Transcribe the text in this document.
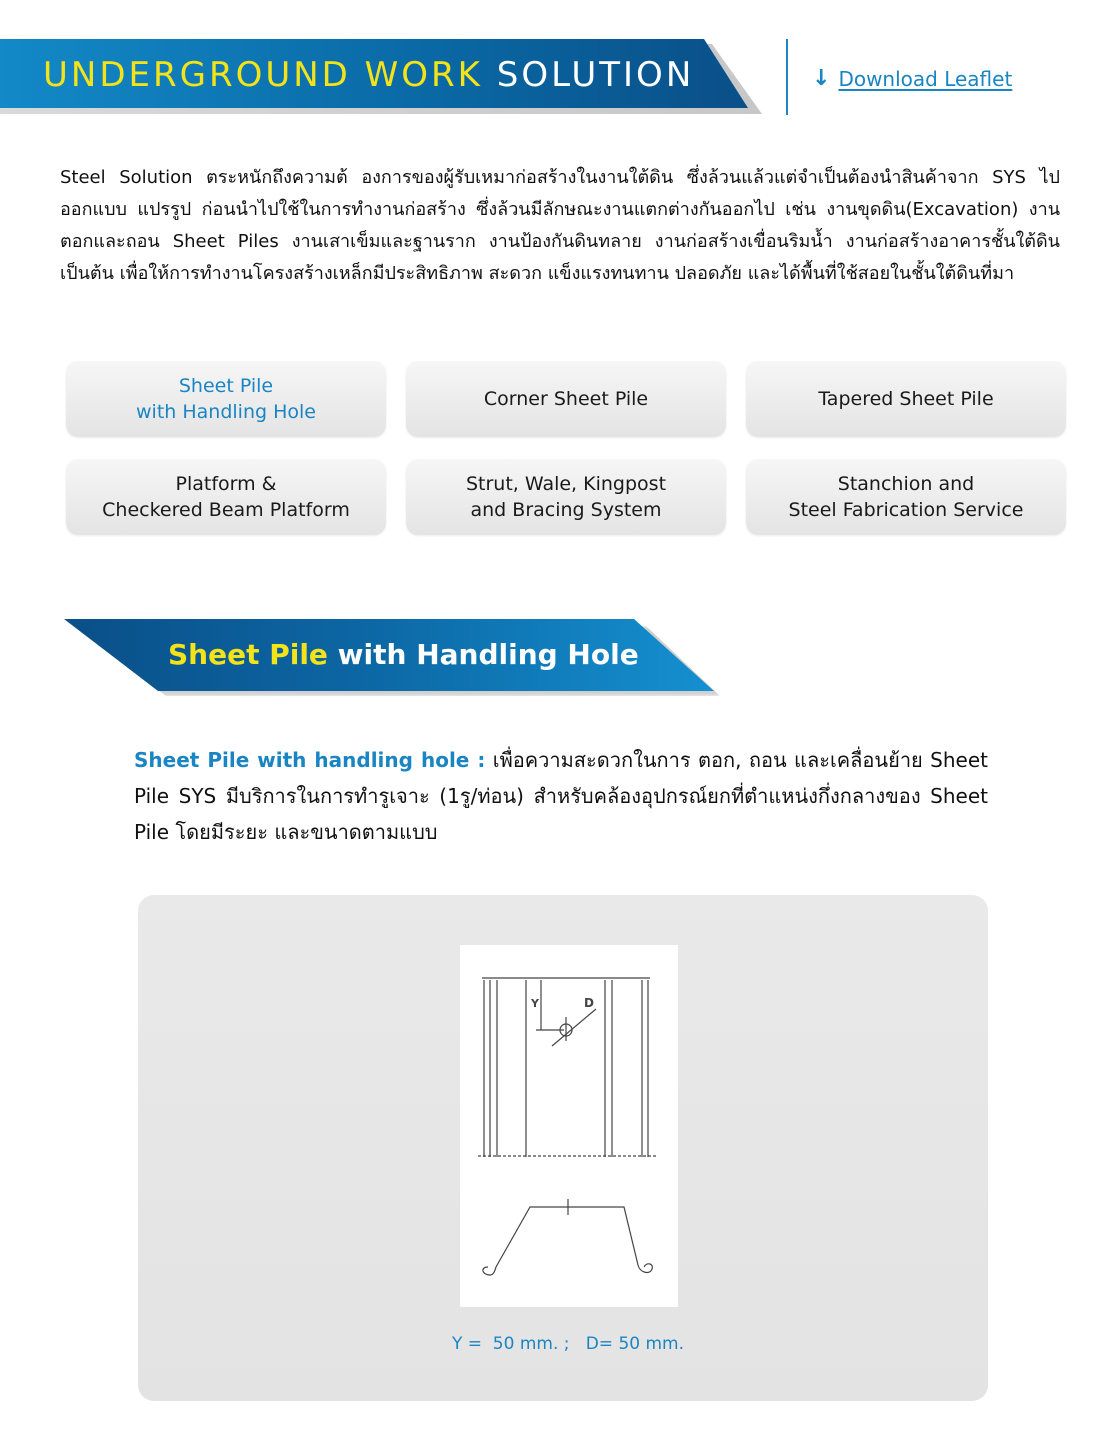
UNDERGROUND WORK SOLUTION	↓ Download Leaflet

Steel Solution ตระหนักถึงความต้ องการของผู้รับเหมาก่อสร้างในงานใต้ดิน ซึ่งล้วนแล้วแต่จำเป็นต้องนำสินค้าจาก SYS ไปออกแบบ แปรรูป ก่อนนำไปใช้ในการทำงานก่อสร้าง ซึ่งล้วนมีลักษณะงานแตกต่างกันออกไป เช่น งานขุดดิน(Excavation) งานตอกและถอน Sheet Piles งานเสาเข็มและฐานราก งานป้องกันดินทลาย งานก่อสร้างเขื่อนริมน้ำ งานก่อสร้างอาคารชั้นใต้ดิน เป็นต้น เพื่อให้การทำงานโครงสร้างเหล็กมีประสิทธิภาพ สะดวก แข็งแรงทนทาน ปลอดภัย และได้พื้นที่ใช้สอยในชั้นใต้ดินที่มา

Sheet Pile
with Handling Hole
Corner Sheet Pile	Tapered Sheet Pile
Platform &
Checkered Beam Platform
Strut, Wale, Kingpost
and Bracing System
Stanchion and
Steel Fabrication Service
Sheet Pile with Handling Hole

Sheet Pile with handling hole : เพื่อความสะดวกในการ ตอก, ถอน และเคลื่อนย้าย Sheet Pile SYS มีบริการในการทำรูเจาะ (1รู/ท่อน) สำหรับคล้องอุปกรณ์ยกที่ตำแหน่งกึ่งกลางของ Sheet Pile โดยมีระยะ และขนาดตามแบบ

Y	D
Y =  50 mm. ;   D= 50 mm.
